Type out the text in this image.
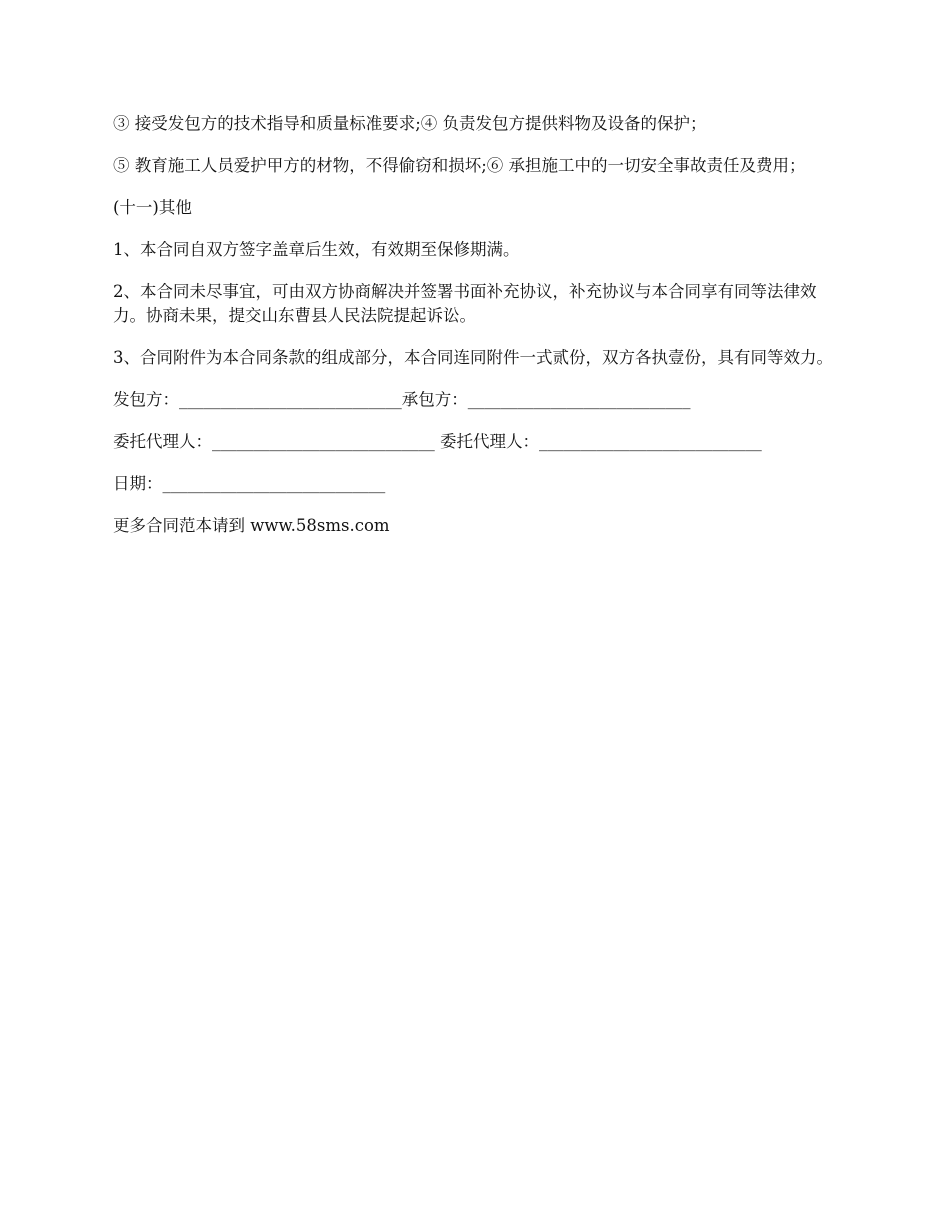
③ 接受发包方的技术指导和质量标准要求;④ 负责发包方提供料物及设备的保护；

⑤ 教育施工人员爱护甲方的材物，不得偷窃和损坏;⑥ 承担施工中的一切安全事故责任及费用；

(十一)其他

1、本合同自双方签字盖章后生效，有效期至保修期满。

2、本合同未尽事宜，可由双方协商解决并签署书面补充协议，补充协议与本合同享有同等法律效力。协商未果，提交山东曹县人民法院提起诉讼。

3、合同附件为本合同条款的组成部分，本合同连同附件一式贰份，双方各执壹份，具有同等效力。

发包方：___________________________承包方：___________________________

委托代理人：___________________________ 委托代理人：___________________________

日期：___________________________

更多合同范本请到 www.58sms.com
